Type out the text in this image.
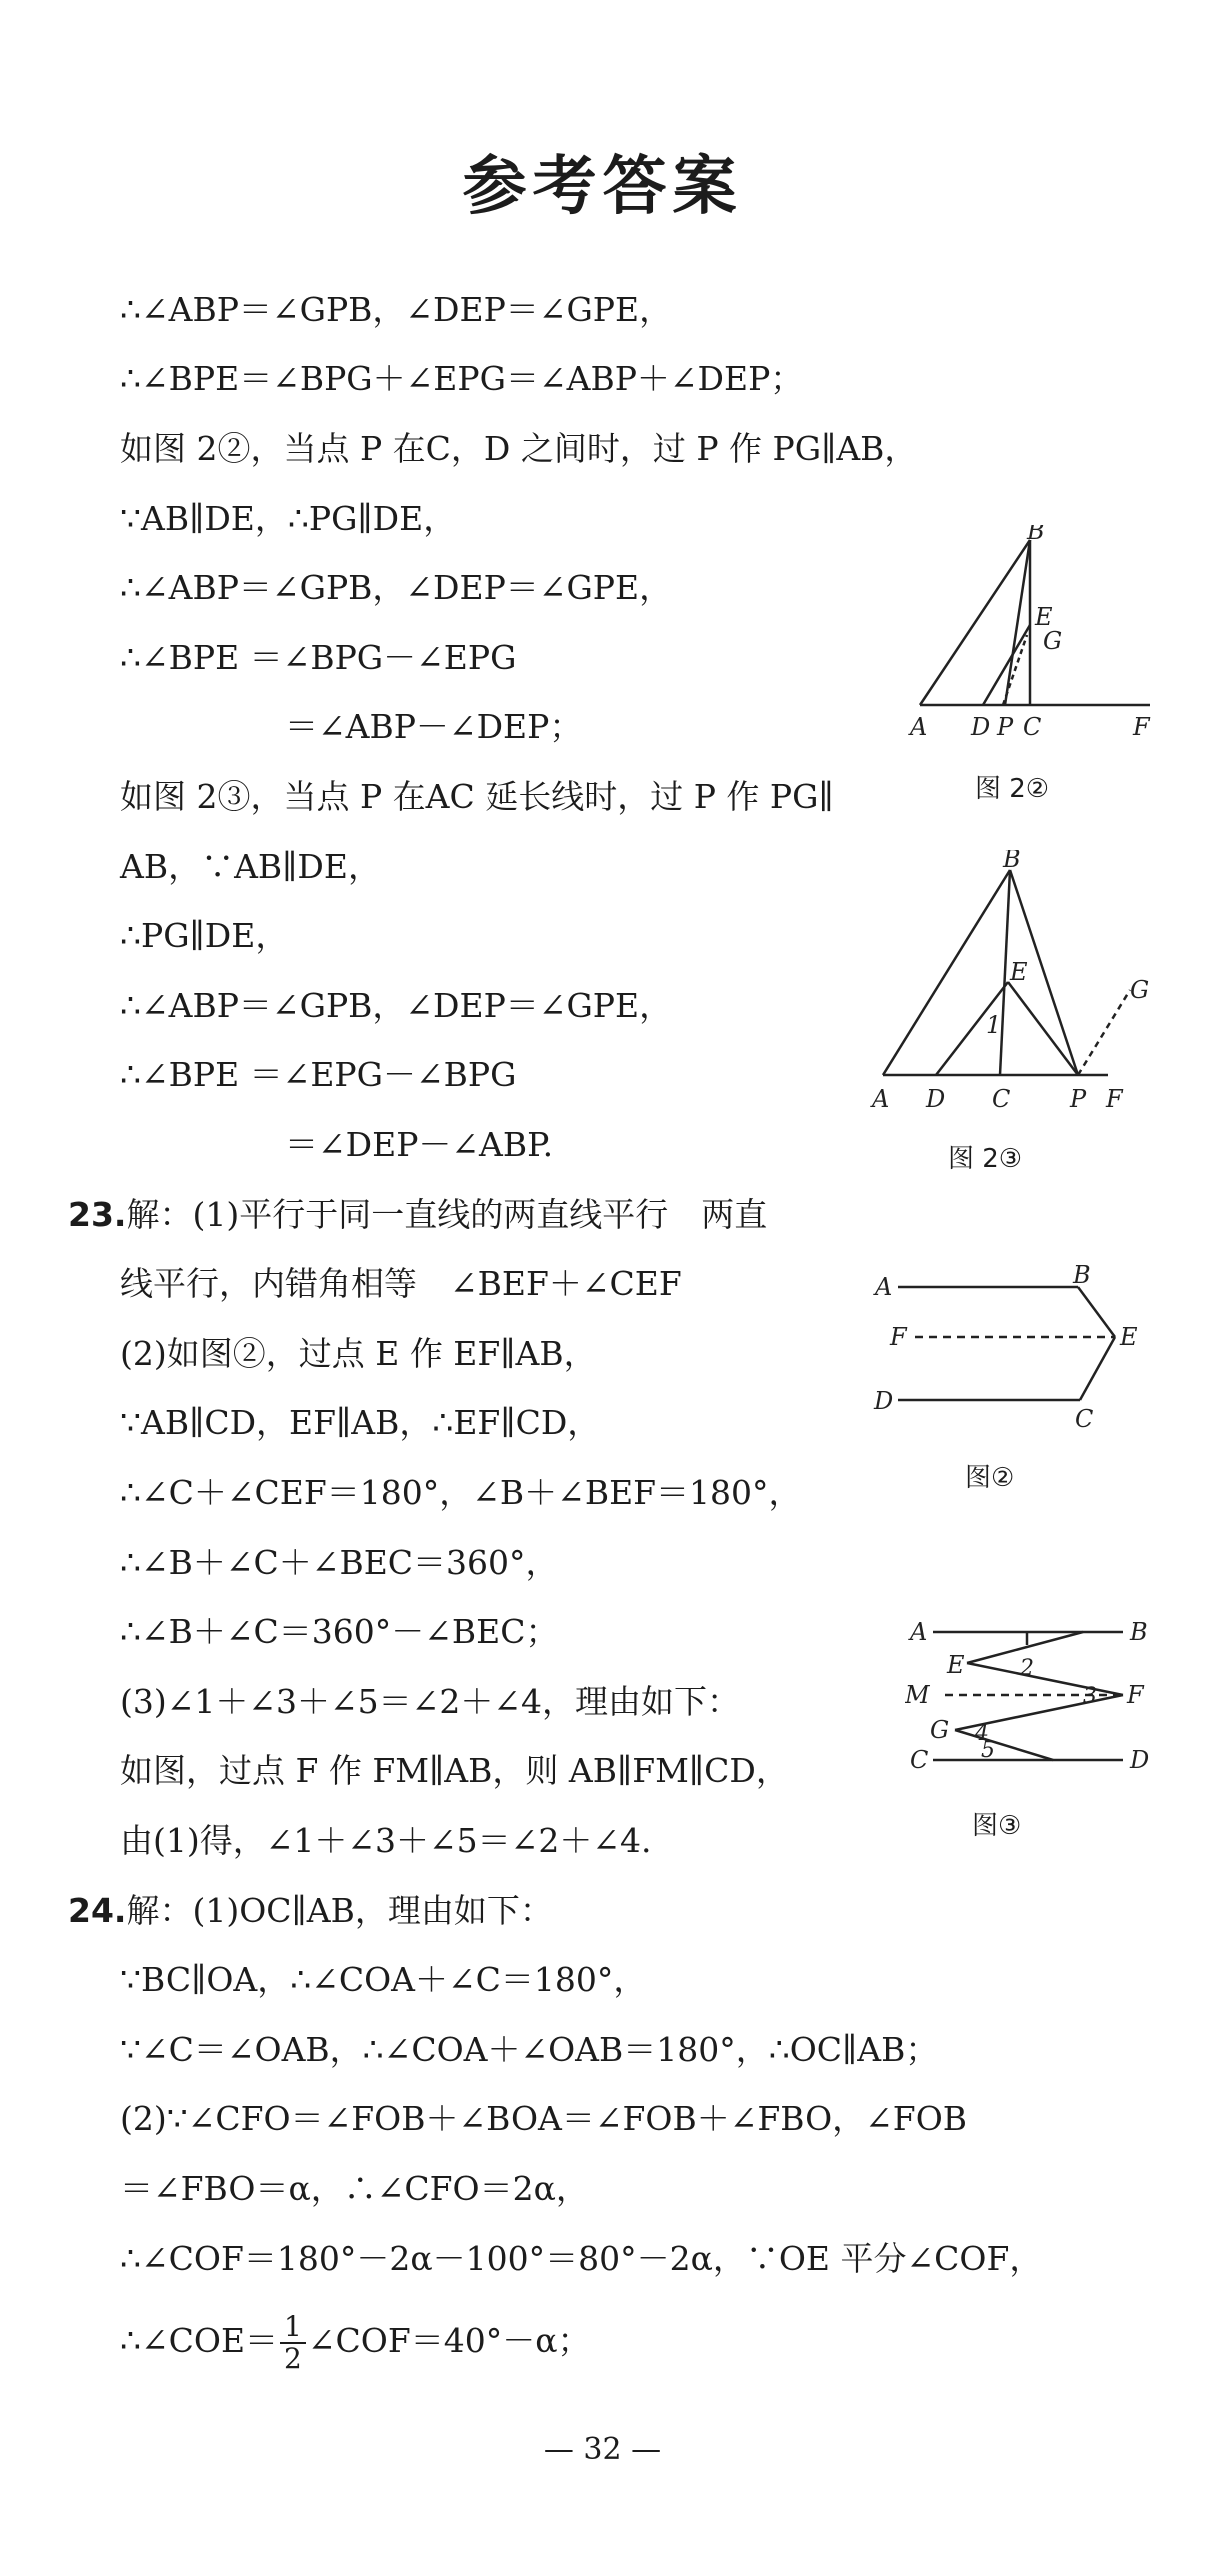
参考答案
∴∠ABP＝∠GPB，∠DEP＝∠GPE，
∴∠BPE＝∠BPG＋∠EPG＝∠ABP＋∠DEP；
如图 2②，当点 P 在C，D 之间时，过 P 作 PG∥AB，
∵AB∥DE，∴PG∥DE，
∴∠ABP＝∠GPB，∠DEP＝∠GPE，
∴∠BPE ＝∠BPG－∠EPG
＝∠ABP－∠DEP；
如图 2③，当点 P 在AC 延长线时，过 P 作 PG∥
AB，∵AB∥DE，
∴PG∥DE，
∴∠ABP＝∠GPB，∠DEP＝∠GPE，
∴∠BPE ＝∠EPG－∠BPG
＝∠DEP－∠ABP.
23.解：(1)平行于同一直线的两直线平行　两直
线平行，内错角相等　∠BEF＋∠CEF
(2)如图②，过点 E 作 EF∥AB，
∵AB∥CD，EF∥AB，∴EF∥CD，
∴∠C＋∠CEF＝180°，∠B＋∠BEF＝180°，
∴∠B＋∠C＋∠BEC＝360°，
∴∠B＋∠C＝360°－∠BEC；
(3)∠1＋∠3＋∠5＝∠2＋∠4，理由如下：
如图，过点 F 作 FM∥AB，则 AB∥FM∥CD，
由(1)得，∠1＋∠3＋∠5＝∠2＋∠4.
24.解：(1)OC∥AB，理由如下：
∵BC∥OA，∴∠COA＋∠C＝180°，
∵∠C＝∠OAB，∴∠COA＋∠OAB＝180°，∴OC∥AB；
(2)∵∠CFO＝∠FOB＋∠BOA＝∠FOB＋∠FBO，∠FOB
＝∠FBO＝α，∴∠CFO＝2α，
∴∠COF＝180°－2α－100°＝80°－2α，∵OE 平分∠COF，
∴∠COE＝ $\frac{1}{2}$ ∠COF＝40°－α；
B
E
G
A D P C	F
图 2②
B
E
G
1
A D C P F
图 2③
A	B
F	E
D
C
图②
A	B
E	2
M	3 F
G 4
C 5	D
图③
— 32 —
